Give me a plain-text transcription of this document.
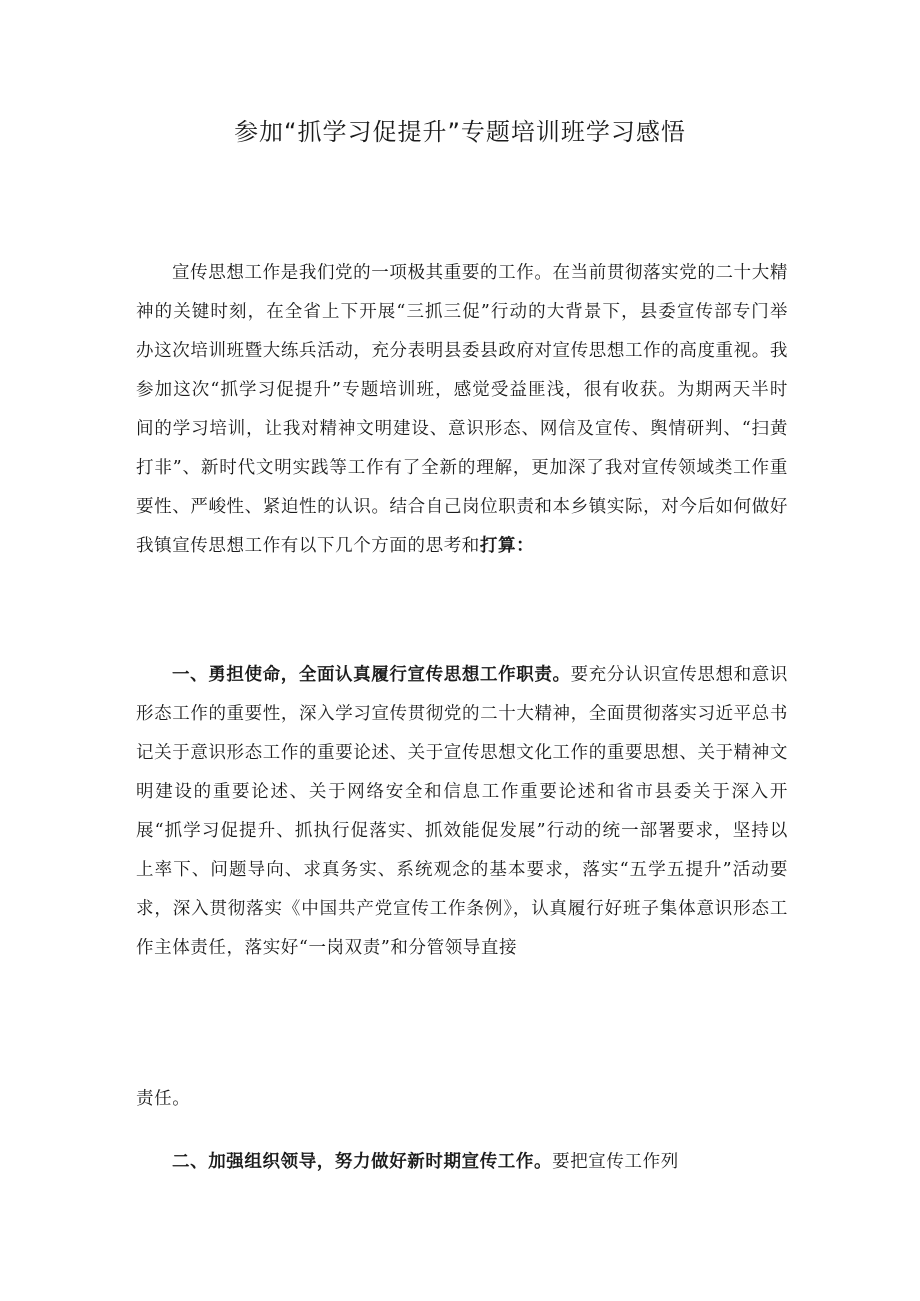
参加“抓学习促提升”专题培训班学习感悟

宣传思想工作是我们党的一项极其重要的工作。在当前贯彻落实党的二十大精神的关键时刻，在全省上下开展“三抓三促”行动的大背景下，县委宣传部专门举办这次培训班暨大练兵活动，充分表明县委县政府对宣传思想工作的高度重视。我参加这次“抓学习促提升”专题培训班，感觉受益匪浅，很有收获。为期两天半时间的学习培训，让我对精神文明建设、意识形态、网信及宣传、舆情研判、“扫黄打非”、新时代文明实践等工作有了全新的理解，更加深了我对宣传领域类工作重要性、严峻性、紧迫性的认识。结合自己岗位职责和本乡镇实际，对今后如何做好我镇宣传思想工作有以下几个方面的思考和打算：

一、勇担使命，全面认真履行宣传思想工作职责。要充分认识宣传思想和意识形态工作的重要性，深入学习宣传贯彻党的二十大精神，全面贯彻落实习近平总书记关于意识形态工作的重要论述、关于宣传思想文化工作的重要思想、关于精神文明建设的重要论述、关于网络安全和信息工作重要论述和省市县委关于深入开展“抓学习促提升、抓执行促落实、抓效能促发展”行动的统一部署要求，坚持以上率下、问题导向、求真务实、系统观念的基本要求，落实“五学五提升”活动要求，深入贯彻落实《中国共产党宣传工作条例》，认真履行好班子集体意识形态工作主体责任，落实好“一岗双责”和分管领导直接

责任。

二、加强组织领导，努力做好新时期宣传工作。要把宣传工作列
